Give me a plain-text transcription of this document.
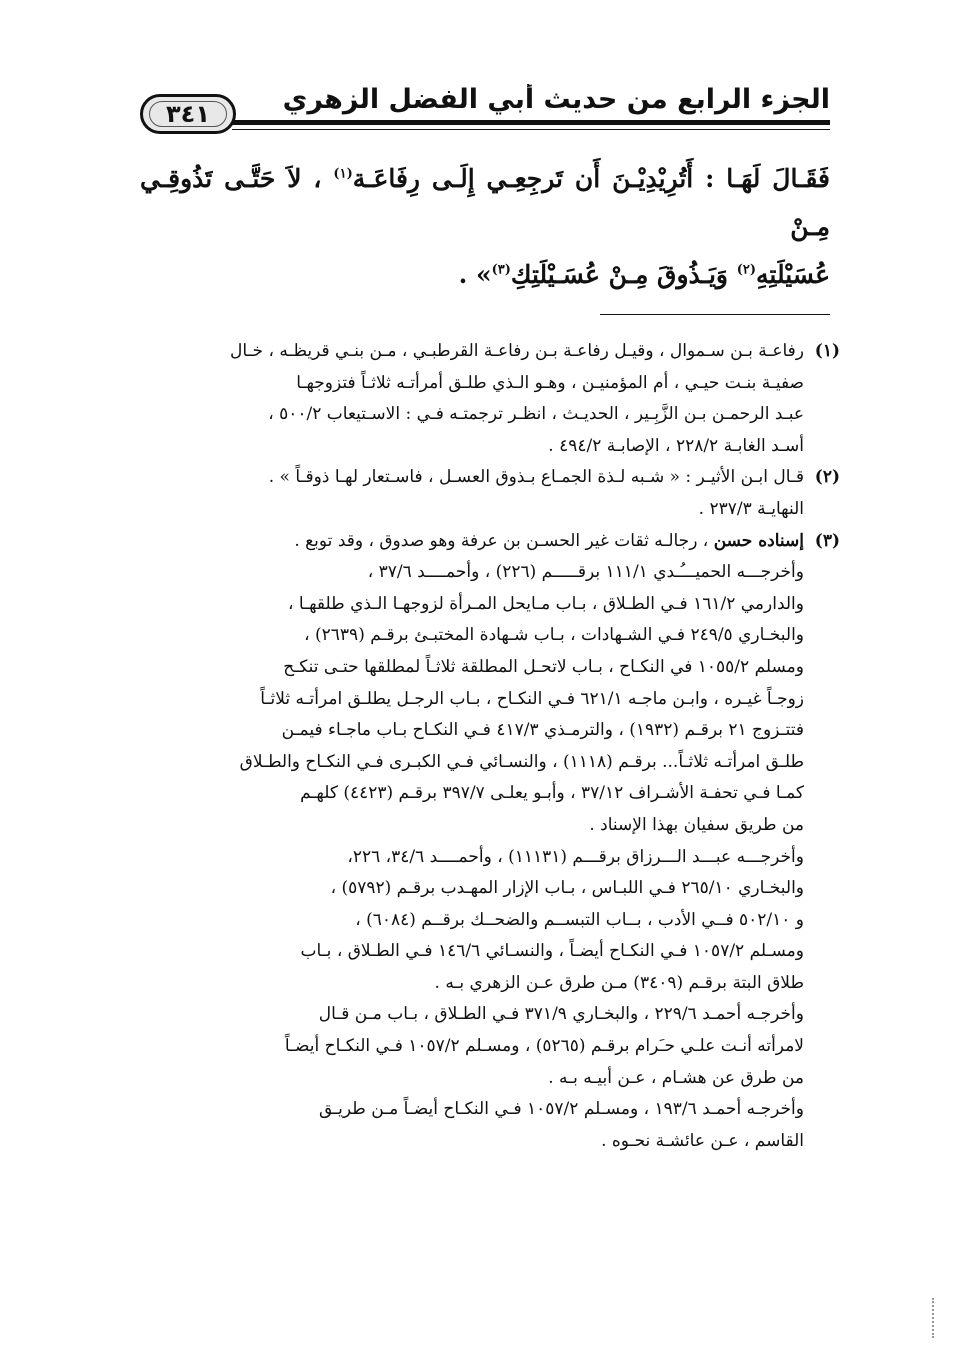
٣٤١	الجزء الرابع من حديث أبي الفضل الزهري

فَقَـالَ لَهَـا : أَتُرِيْدِيْـنَ أَن تَرجِعِـي إِلَـى رِفَاعَـة$^{(١)}$ ، لاَ حَتَّـى تَذُوقِـي مِـنْ

عُسَيْلَتِهِ$^{(٢)}$ وَيَـذُوقَ مِـنْ عُسَـيْلَتِكِ$^{(٣)}$» .

(١)
رفاعـة بـن سـموال ، وقيـل رفاعـة بـن رفاعـة القرطبـي ، مـن بنـي قريظـه ، خـال
صفيـة بنـت حيـي ، أم المؤمنيـن ، وهـو الـذي طلـق أمرأتـه ثلاثـاً فتزوجهـا
عبـد الرحمـن بـن الزَّبِـير ، الحديـث ، انظـر ترجمتـه فـي : الاسـتيعاب ٥٠٠/٢ ،
أسـد الغابـة ٢٢٨/٢ ، الإصابـة ٤٩٤/٢ .
(٢)
قـال ابـن الأثيـر : « شـبه لـذة الجمـاع بـذوق العسـل ، فاسـتعار لهـا ذوقـاً » .
النهايـة ٢٣٧/٣ .
(٣)
إسناده حسن ، رجالـه ثقات غير الحسـن بن عرفة وهو صدوق ، وقد توبع .
وأخرجـــه الحميـــُـدي ١١١/١ برقـــــم (٢٢٦) ، وأحمــــد ٣٧/٦ ،
والدارمي ١٦١/٢ فـي الطـلاق ، بـاب مـايحل المـرأة لزوجهـا الـذي طلقهـا ،
والبخـاري ٢٤٩/٥ فـي الشـهادات ، بـاب شـهادة المختبـئ برقـم (٢٦٣٩) ،
ومسلم ١٠٥٥/٢ في النكـاح ، بـاب لاتحـل المطلقة ثلاثـاً لمطلقها حتـى تنكـح
زوجـاً غيـره ، وابـن ماجـه ٦٢١/١ فـي النكـاح ، بـاب الرجـل يطلـق امرأتـه ثلاثـاً
فتتـزوج ٢١ برقـم (١٩٣٢) ، والترمـذي ٤١٧/٣ فـي النكـاح بـاب ماجـاء فيمـن
طلـق امرأتـه ثلاثـاً... برقـم (١١١٨) ، والنسـائي فـي الكبـرى فـي النكـاح والطـلاق
كمـا فـي تحفـة الأشـراف ٣٧/١٢ ، وأبـو يعلـى ٣٩٧/٧ برقـم (٤٤٢٣) كلهـم
من طريق سفيان بهذا الإسناد .
وأخرجـــه عبـــد الـــرزاق برقـــم (١١١٣١) ، وأحمــــد ٣٤/٦، ٢٢٦،
والبخـاري ٢٦٥/١٠ فـي اللبـاس ، بـاب الإزار المهـدب برقـم (٥٧٩٢) ،
و ٥٠٢/١٠ فــي الأدب ، بــاب التبســم والضحــك برقــم (٦٠٨٤) ،
ومسـلم ١٠٥٧/٢ فـي النكـاح أيضـاً ، والنسـائي ١٤٦/٦ فـي الطـلاق ، بـاب
طلاق البتة برقـم (٣٤٠٩) مـن طرق عـن الزهري بـه .
وأخرجـه أحمـد ٢٢٩/٦ ، والبخـاري ٣٧١/٩ فـي الطـلاق ، بـاب مـن قـال
لامرأته أنـت علـي حـَرام برقـم (٥٢٦٥) ، ومسـلم ١٠٥٧/٢ فـي النكـاح أيضـاً
من طرق عن هشـام ، عـن أبيـه بـه .
وأخرجـه أحمـد ١٩٣/٦ ، ومسـلم ١٠٥٧/٢ فـي النكـاح أيضـاً مـن طريـق
القاسم ، عـن عائشـة نحـوه .
